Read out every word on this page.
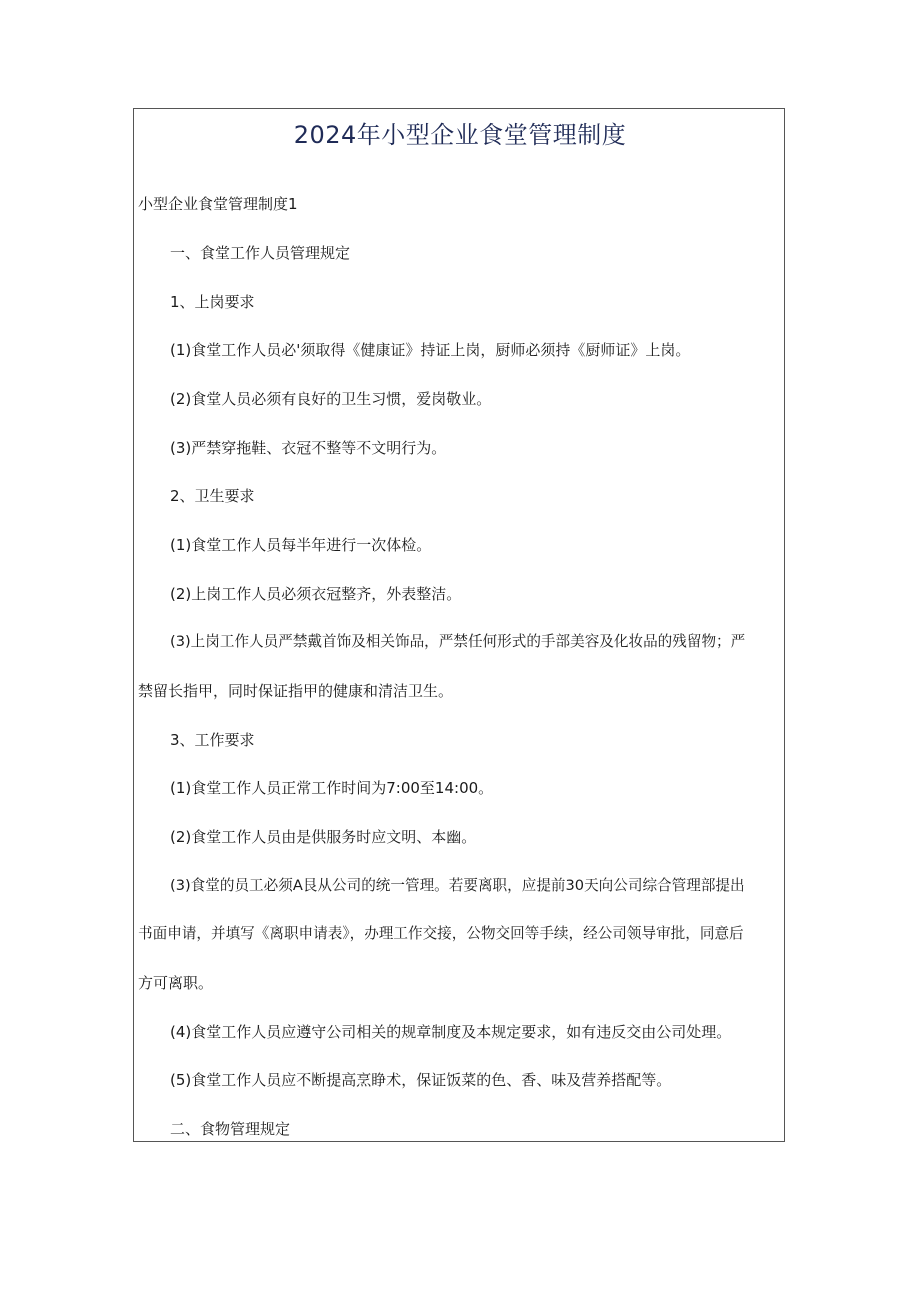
2024年小型企业食堂管理制度
小型企业食堂管理制度1
一、食堂工作人员管理规定
1、上岗要求
(1)食堂工作人员必'须取得《健康证》持证上岗，厨师必须持《厨师证》上岗。
(2)食堂人员必须有良好的卫生习惯，爱岗敬业。
(3)严禁穿拖鞋、衣冠不整等不文明行为。
2、卫生要求
(1)食堂工作人员每半年进行一次体检。
(2)上岗工作人员必须衣冠整齐，外表整洁。
(3)上岗工作人员严禁戴首饰及相关饰品，严禁任何形式的手部美容及化妆品的残留物；严
禁留长指甲，同时保证指甲的健康和清洁卫生。
3、工作要求
(1)食堂工作人员正常工作时间为7:00至14:00。
(2)食堂工作人员由是供服务时应文明、本幽。
(3)食堂的员工必须A艮从公司的统一管理。若要离职，应提前30天向公司综合管理部提出
书面申请，并填写《离职申请表》，办理工作交接，公物交回等手续，经公司领导审批，同意后
方可离职。
(4)食堂工作人员应遵守公司相关的规章制度及本规定要求，如有违反交由公司处理。
(5)食堂工作人员应不断提高烹睁术，保证饭菜的色、香、味及营养搭配等。
二、食物管理规定
